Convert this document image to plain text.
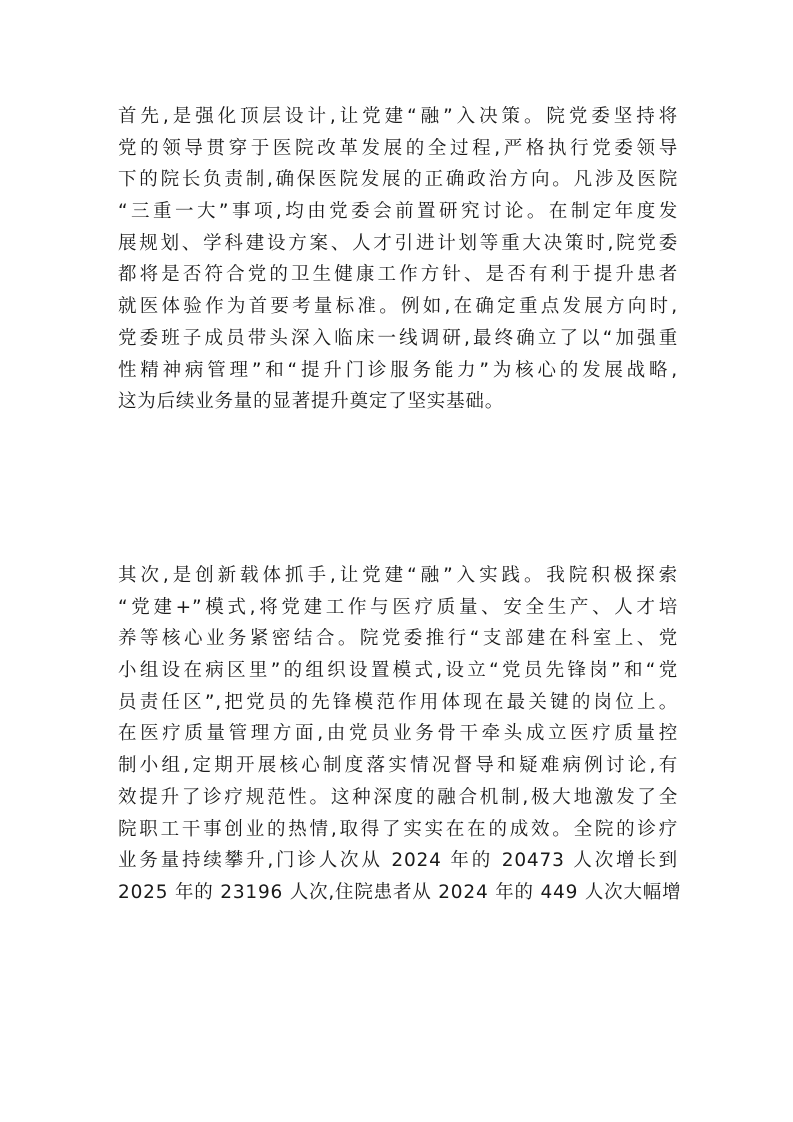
首先,是强化顶层设计,让党建“融”入决策。院党委坚持将
党的领导贯穿于医院改革发展的全过程,严格执行党委领导
下的院长负责制,确保医院发展的正确政治方向。凡涉及医院
“三重一大”事项,均由党委会前置研究讨论。在制定年度发
展规划、学科建设方案、人才引进计划等重大决策时,院党委
都将是否符合党的卫生健康工作方针、是否有利于提升患者
就医体验作为首要考量标准。例如,在确定重点发展方向时,
党委班子成员带头深入临床一线调研,最终确立了以“加强重
性精神病管理”和“提升门诊服务能力”为核心的发展战略,
这为后续业务量的显著提升奠定了坚实基础。

其次,是创新载体抓手,让党建“融”入实践。我院积极探索
“党建+”模式,将党建工作与医疗质量、安全生产、人才培
养等核心业务紧密结合。院党委推行“支部建在科室上、党
小组设在病区里”的组织设置模式,设立“党员先锋岗”和“党
员责任区”,把党员的先锋模范作用体现在最关键的岗位上。
在医疗质量管理方面,由党员业务骨干牵头成立医疗质量控
制小组,定期开展核心制度落实情况督导和疑难病例讨论,有
效提升了诊疗规范性。这种深度的融合机制,极大地激发了全
院职工干事创业的热情,取得了实实在在的成效。全院的诊疗
业务量持续攀升,门诊人次从 2024 年的 20473 人次增长到
2025 年的 23196 人次,住院患者从 2024 年的 449 人次大幅增
